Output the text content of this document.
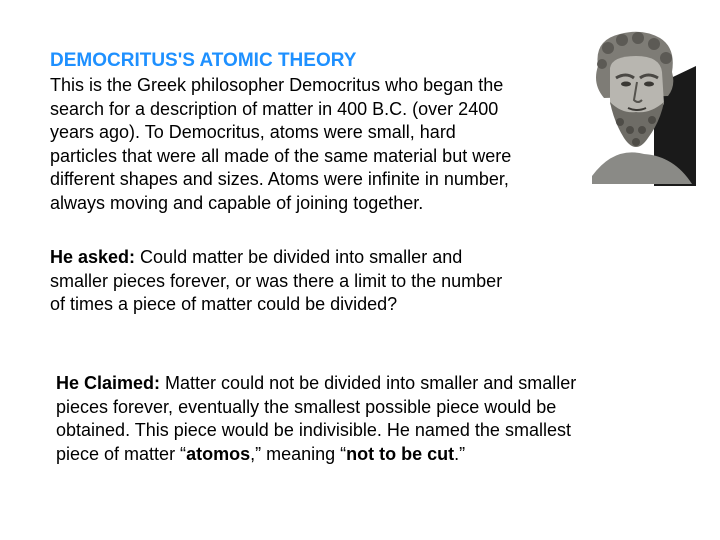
DEMOCRITUS'S ATOMIC THEORY
This is the Greek philosopher Democritus who began the
search for a description of matter in 400 B.C. (over 2400
years ago). To Democritus, atoms were small, hard
particles that were all made of the same material but were
different shapes and sizes. Atoms were infinite in number,
always moving and capable of joining together.
He asked: Could matter be divided into smaller and
smaller pieces forever, or was there a limit to the number
of times a piece of matter could be divided?
He Claimed: Matter could not be divided into smaller and smaller
pieces forever, eventually the smallest possible piece would be
obtained. This piece would be indivisible. He named the smallest
piece of matter “atomos,” meaning “not to be cut.”
